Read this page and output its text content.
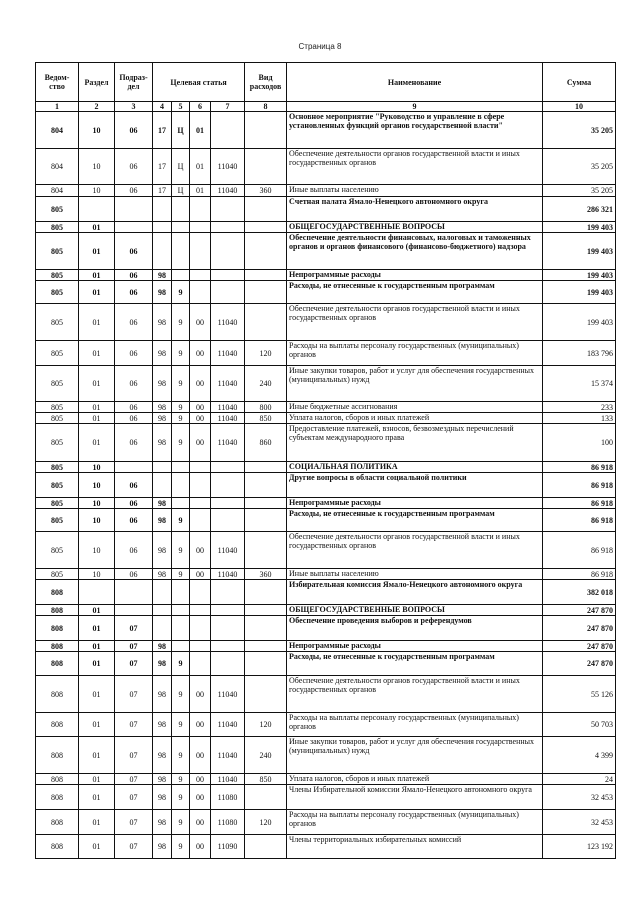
Страница 8
Ведом-ство	Раздел	Подраз-дел	Целевая статья				Вид расходов	Наименование	Сумма
1	2	3	4	5	6	7	8	9	10
804	10	06	17	Ц	01			Основное мероприятие "Руководство и управление в сфере установленных функций органов государственной власти"	35 205
804	10	06	17	Ц	01	11040		Обеспечение деятельности органов государственной власти и иных государственных органов	35 205
804	10	06	17	Ц	01	11040	360	Иные выплаты населению	35 205
805								Счетная палата Ямало-Ненецкого автономного округа	286 321
805	01							ОБЩЕГОСУДАРСТВЕННЫЕ ВОПРОСЫ	199 403
805	01	06						Обеспечение деятельности финансовых, налоговых и таможенных органов и органов финансового (финансово-бюджетного) надзора	199 403
805	01	06	98					Непрограммные расходы	199 403
805	01	06	98	9				Расходы, не отнесенные к государственным программам	199 403
805	01	06	98	9	00	11040		Обеспечение деятельности органов государственной власти и иных государственных органов	199 403
805	01	06	98	9	00	11040	120	Расходы на выплаты персоналу государственных (муниципальных) органов	183 796
805	01	06	98	9	00	11040	240	Иные закупки товаров, работ и услуг для обеспечения государственных (муниципальных) нужд	15 374
805	01	06	98	9	00	11040	800	Иные бюджетные ассигнования	233
805	01	06	98	9	00	11040	850	Уплата налогов, сборов и иных платежей	133
805	01	06	98	9	00	11040	860	Предоставление платежей, взносов, безвозмездных перечислений субъектам международного права	100
805	10							СОЦИАЛЬНАЯ ПОЛИТИКА	86 918
805	10	06						Другие вопросы в области социальной политики	86 918
805	10	06	98					Непрограммные расходы	86 918
805	10	06	98	9				Расходы, не отнесенные к государственным программам	86 918
805	10	06	98	9	00	11040		Обеспечение деятельности органов государственной власти и иных государственных органов	86 918
805	10	06	98	9	00	11040	360	Иные выплаты населению	86 918
808								Избирательная комиссия Ямало-Ненецкого автономного округа	382 018
808	01							ОБЩЕГОСУДАРСТВЕННЫЕ ВОПРОСЫ	247 870
808	01	07						Обеспечение проведения выборов и референдумов	247 870
808	01	07	98					Непрограммные расходы	247 870
808	01	07	98	9				Расходы, не отнесенные к государственным программам	247 870
808	01	07	98	9	00	11040		Обеспечение деятельности органов государственной власти и иных государственных органов	55 126
808	01	07	98	9	00	11040	120	Расходы на выплаты персоналу государственных (муниципальных) органов	50 703
808	01	07	98	9	00	11040	240	Иные закупки товаров, работ и услуг для обеспечения государственных (муниципальных) нужд	4 399
808	01	07	98	9	00	11040	850	Уплата налогов, сборов и иных платежей	24
808	01	07	98	9	00	11080		Члены Избирательной комиссии Ямало-Ненецкого автономного округа	32 453
808	01	07	98	9	00	11080	120	Расходы на выплаты персоналу государственных (муниципальных) органов	32 453
808	01	07	98	9	00	11090		Члены территориальных избирательных комиссий	123 192
